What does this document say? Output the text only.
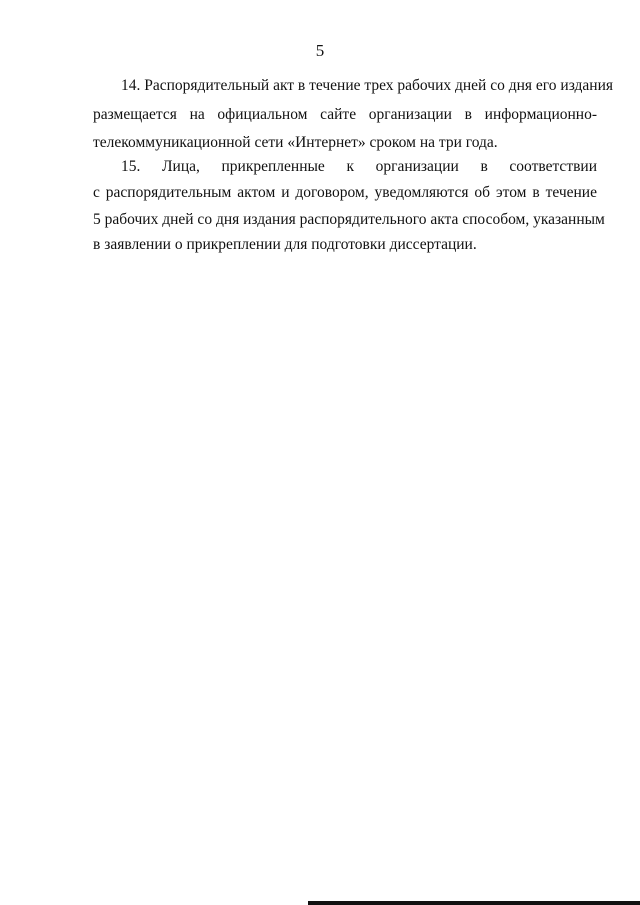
5
14. Распорядительный акт в течение трех рабочих дней со дня его издания
размещается на официальном сайте организации в информационно-
телекоммуникационной сети «Интернет» сроком на три года.
15. Лица, прикрепленные к организации в соответствии
с распорядительным актом и договором, уведомляются об этом в течение
5 рабочих дней со дня издания распорядительного акта способом, указанным
в заявлении о прикреплении для подготовки диссертации.
